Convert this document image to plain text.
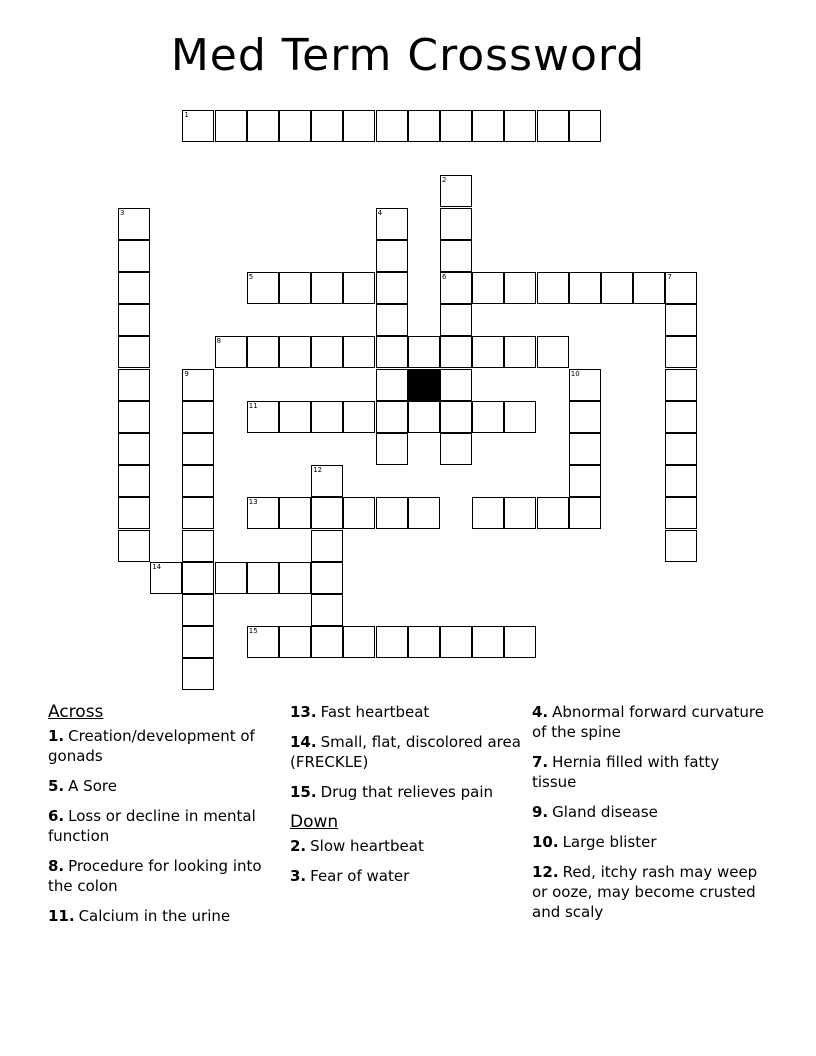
Med Term Crossword
1
2
3	4
5	6	7
8
9	10
11
12
13
14
15
Across
1. Creation/development of gonads
5. A Sore
6. Loss or decline in mental function
8. Procedure for looking into the colon
11. Calcium in the urine
13. Fast heartbeat
14. Small, flat, discolored area (FRECKLE)
15. Drug that relieves pain
Down
2. Slow heartbeat
3. Fear of water
4. Abnormal forward curvature of the spine
7. Hernia filled with fatty tissue
9. Gland disease
10. Large blister
12. Red, itchy rash may weep or ooze, may become crusted and scaly
